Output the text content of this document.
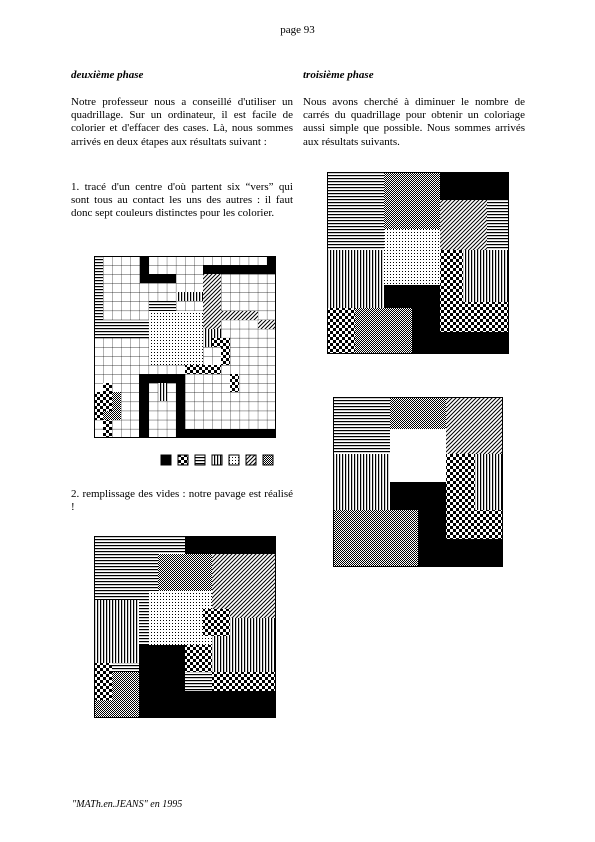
page 93
deuxième phase
Notre professeur nous a conseillé d'utiliser un quadrillage. Sur un ordinateur, il est facile de colorier et d'effacer des cases. Là, nous sommes arrivés en deux étapes aux résultats suivant :
1. tracé d'un centre d'où partent six “vers” qui sont tous au contact les uns des autres : il faut donc sept couleurs distinctes pour les colorier.
2. remplissage des vides : notre pavage est réalisé !
troisième phase
Nous avons cherché à diminuer le nombre de carrés du quadrillage pour obtenir un coloriage aussi simple que possible. Nous sommes arrivés aux résultats suivants.
"MATh.en.JEANS" en 1995
